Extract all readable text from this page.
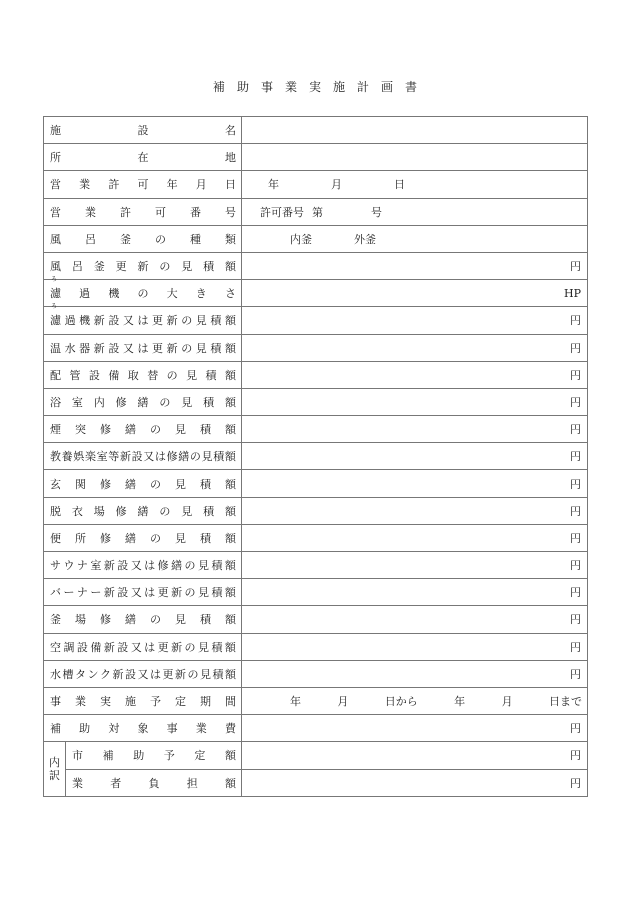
補 助 事 業 実 施 計 画 書
施 設 名		

所 在 地		

営 業 許 可 年 月 日	年	月	日

営 業 許 可 番 号	許可番号 第	号

風 呂 釜 の 種 類	内釜	外釜

風 呂 釜 更 新 の 見 積 額	円

ろ
濾 過 機 の 大 き さ	HP

ろ
濾 過 機 新 設 又 は 更 新 の 見 積 額	円

温 水 器 新 設 又 は 更 新 の 見 積 額	円

配 管 設 備 取 替 の 見 積 額	円

浴 室 内 修 繕 の 見 積 額	円

煙 突 修 繕 の 見 積 額	円

教 養 娯 楽 室 等 新 設 又 は 修 繕 の 見 積 額	円

玄 関 修 繕 の 見 積 額	円

脱 衣 場 修 繕 の 見 積 額	円

便 所 修 繕 の 見 積 額	円

サ ウ ナ 室 新 設 又 は 修 繕 の 見 積 額	円

バ ー ナ ー 新 設 又 は 更 新 の 見 積 額	円

釜 場 修 繕 の 見 積 額	円

空 調 設 備 新 設 又 は 更 新 の 見 積 額	円

水 槽 タ ン ク 新 設 又 は 更 新 の 見 積 額	円

事 業 実 施 予 定 期 間	年	月	日から	年	月	日まで

補 助 対 象 事 業 費	円

内
訳

市 補 助 予 定 額	円

	業 者 負 担 額	円
